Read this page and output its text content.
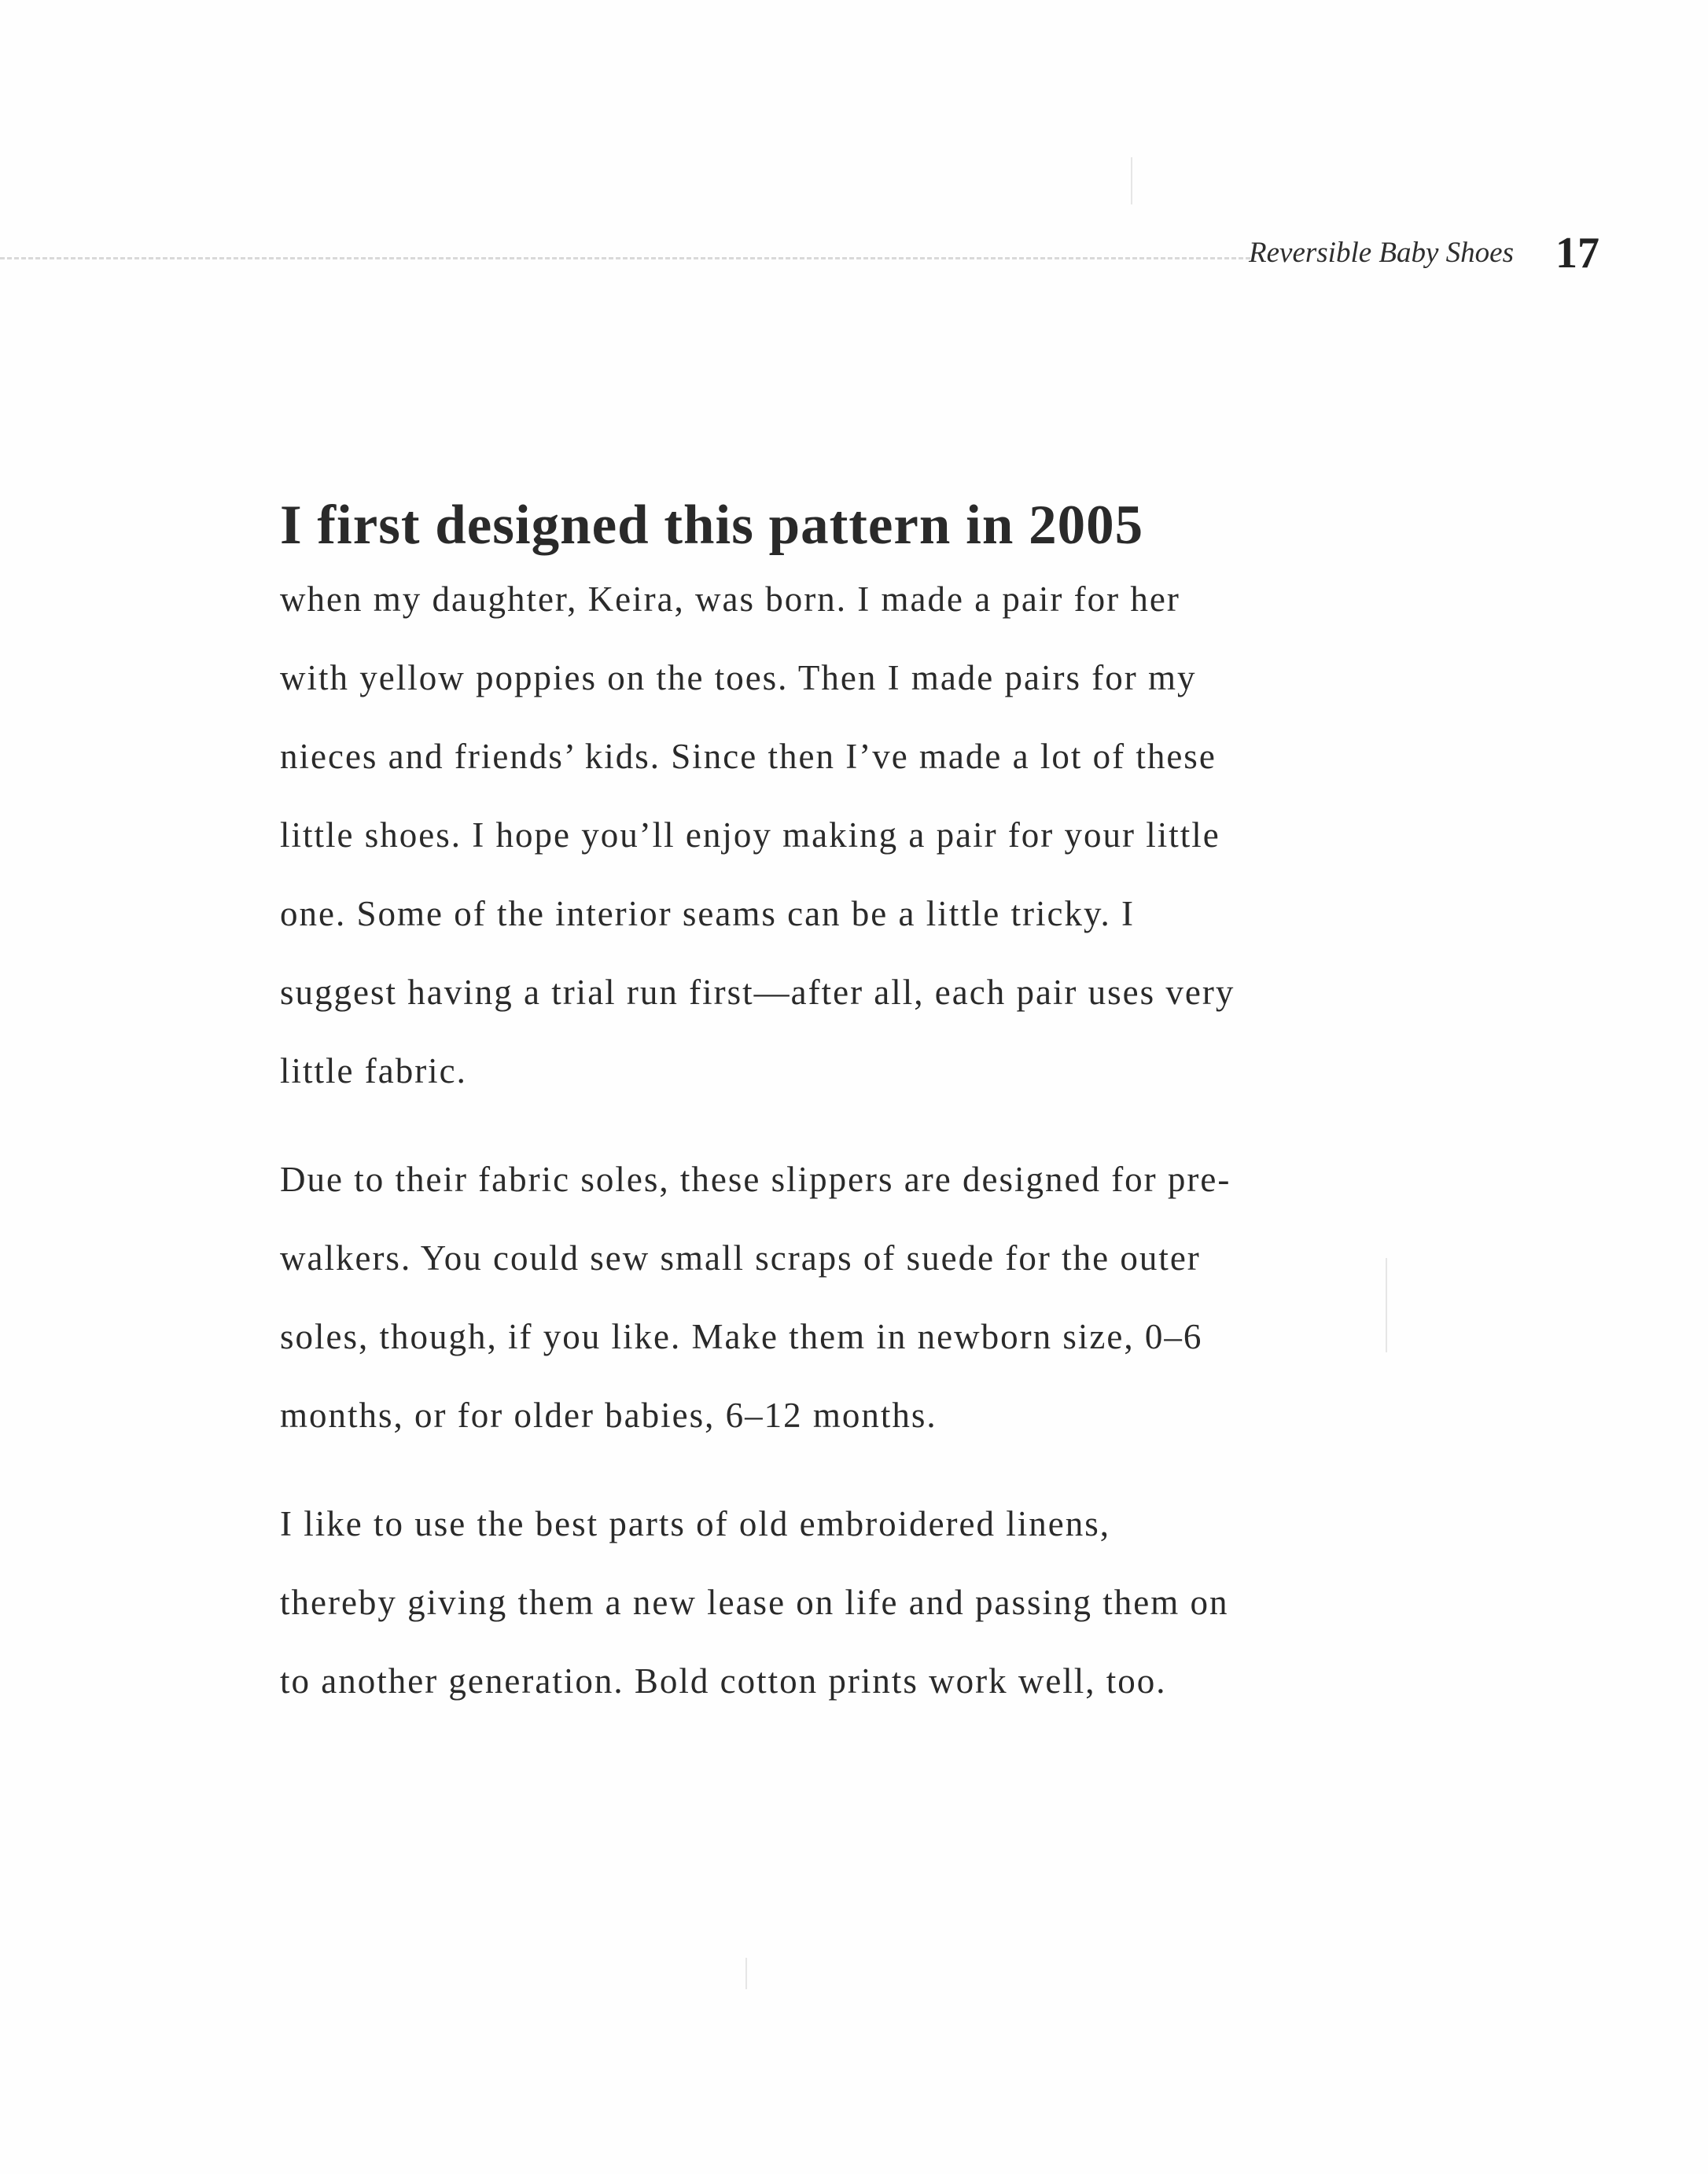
Reversible Baby Shoes 17
I first designed this pattern in 2005

when my daughter, Keira, was born. I made a pair for her
with yellow poppies on the toes. Then I made pairs for my
nieces and friends’ kids. Since then I’ve made a lot of these
little shoes. I hope you’ll enjoy making a pair for your little
one. Some of the interior seams can be a little tricky. I
suggest having a trial run first—after all, each pair uses very
little fabric.

Due to their fabric soles, these slippers are designed for pre-
walkers. You could sew small scraps of suede for the outer
soles, though, if you like. Make them in newborn size, 0–6
months, or for older babies, 6–12 months.

I like to use the best parts of old embroidered linens,
thereby giving them a new lease on life and passing them on
to another generation. Bold cotton prints work well, too.
